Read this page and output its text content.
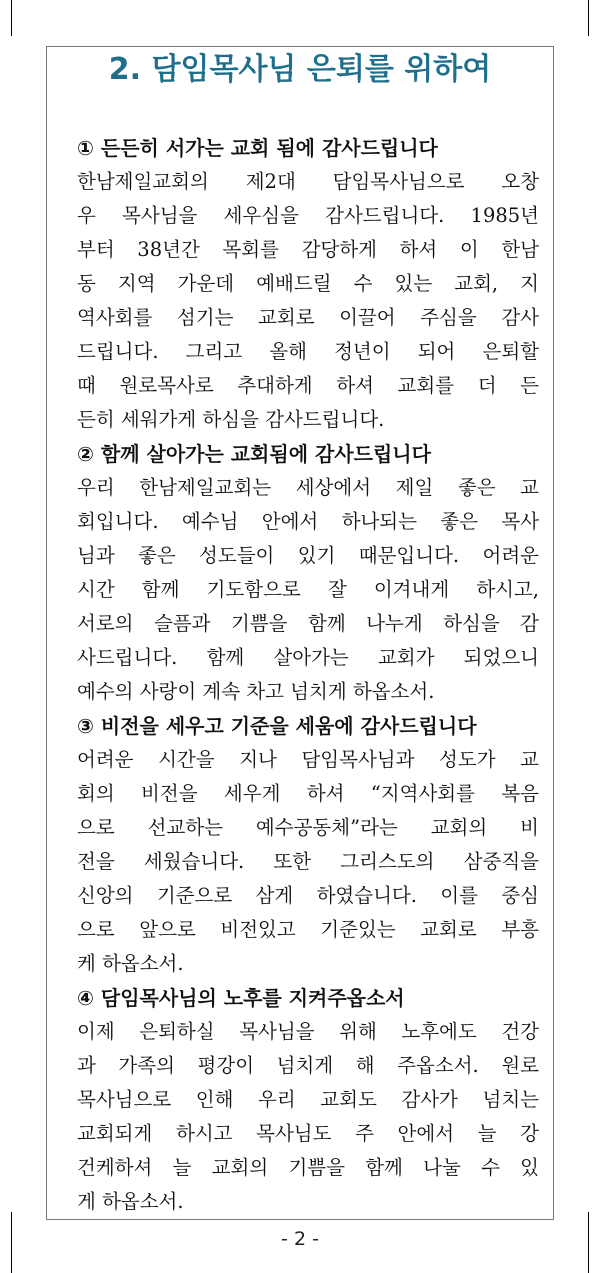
2. 담임목사님 은퇴를 위하여
① 든든히 서가는 교회 됨에 감사드립니다
한남제일교회의 제2대 담임목사님으로 오창
우 목사님을 세우심을 감사드립니다. 1985년
부터 38년간 목회를 감당하게 하셔 이 한남
동 지역 가운데 예배드릴 수 있는 교회, 지
역사회를 섬기는 교회로 이끌어 주심을 감사
드립니다. 그리고 올해 정년이 되어 은퇴할
때 원로목사로 추대하게 하셔 교회를 더 든
든히 세워가게 하심을 감사드립니다.
② 함께 살아가는 교회됨에 감사드립니다
우리 한남제일교회는 세상에서 제일 좋은 교
회입니다. 예수님 안에서 하나되는 좋은 목사
님과 좋은 성도들이 있기 때문입니다. 어려운
시간 함께 기도함으로 잘 이겨내게 하시고,
서로의 슬픔과 기쁨을 함께 나누게 하심을 감
사드립니다. 함께 살아가는 교회가 되었으니
예수의 사랑이 계속 차고 넘치게 하옵소서.
③ 비전을 세우고 기준을 세움에 감사드립니다
어려운 시간을 지나 담임목사님과 성도가 교
회의 비전을 세우게 하셔 “지역사회를 복음
으로 선교하는 예수공동체”라는 교회의 비
전을 세웠습니다. 또한 그리스도의 삼중직을
신앙의 기준으로 삼게 하였습니다. 이를 중심
으로 앞으로 비전있고 기준있는 교회로 부흥
케 하옵소서.
④ 담임목사님의 노후를 지켜주옵소서
이제 은퇴하실 목사님을 위해 노후에도 건강
과 가족의 평강이 넘치게 해 주옵소서. 원로
목사님으로 인해 우리 교회도 감사가 넘치는
교회되게 하시고 목사님도 주 안에서 늘 강
건케하셔 늘 교회의 기쁨을 함께 나눌 수 있
게 하옵소서.
- 2 -
